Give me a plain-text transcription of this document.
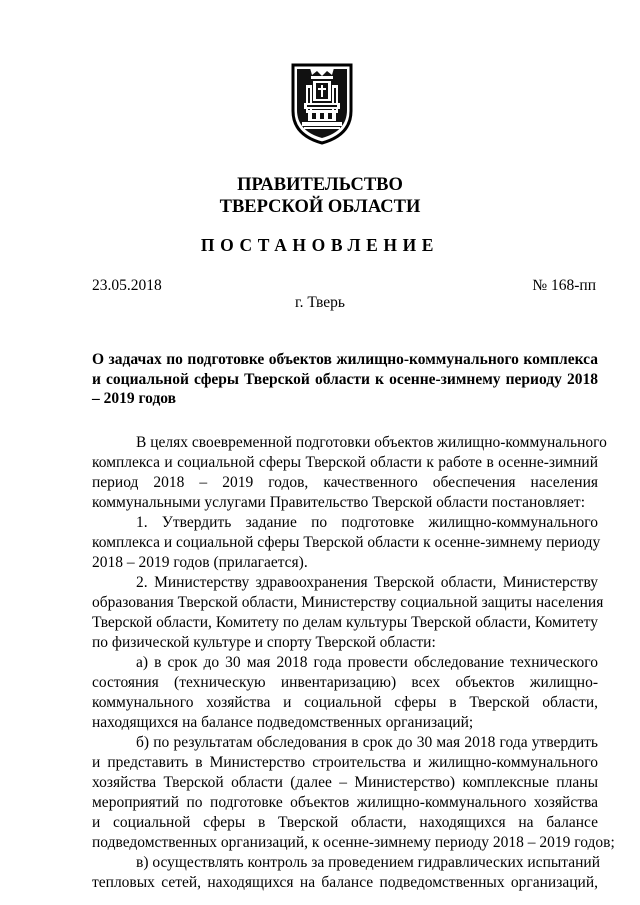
ПРАВИТЕЛЬСТВО
ТВЕРСКОЙ ОБЛАСТИ
ПОСТАНОВЛЕНИЕ
23.05.2018	№ 168-пп
г. Тверь
О задачах по подготовке объектов жилищно-коммунального комплекса и социальной сферы Тверской области к осенне-зимнему периоду 2018 – 2019 годов
В целях своевременной подготовки объектов жилищно-коммунального
комплекса и социальной сферы Тверской области к работе в осенне-зимний
период 2018 – 2019 годов, качественного обеспечения населения
коммунальными услугами Правительство Тверской области постановляет:
1. Утвердить задание по подготовке жилищно-коммунального
комплекса и социальной сферы Тверской области к осенне-зимнему периоду
2018 – 2019 годов (прилагается).
2. Министерству здравоохранения Тверской области, Министерству
образования Тверской области, Министерству социальной защиты населения
Тверской области, Комитету по делам культуры Тверской области, Комитету
по физической культуре и спорту Тверской области:
а) в срок до 30 мая 2018 года провести обследование технического
состояния (техническую инвентаризацию) всех объектов жилищно-
коммунального хозяйства и социальной сферы в Тверской области,
находящихся на балансе подведомственных организаций;
б) по результатам обследования в срок до 30 мая 2018 года утвердить
и представить в Министерство строительства и жилищно-коммунального
хозяйства Тверской области (далее – Министерство) комплексные планы
мероприятий по подготовке объектов жилищно-коммунального хозяйства
и социальной сферы в Тверской области, находящихся на балансе
подведомственных организаций, к осенне-зимнему периоду 2018 – 2019 годов;
в) осуществлять контроль за проведением гидравлических испытаний
тепловых сетей, находящихся на балансе подведомственных организаций,
